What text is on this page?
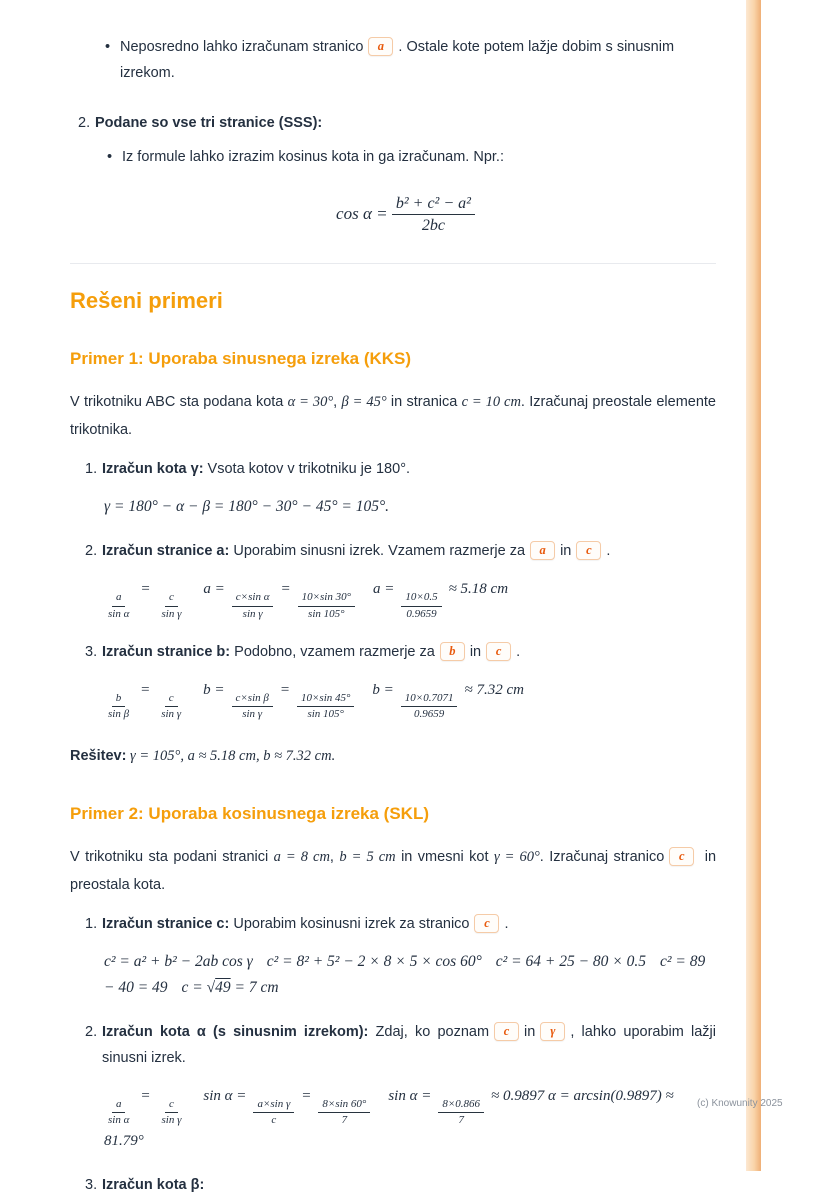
• Neposredno lahko izračunam stranico a . Ostale kote potem lažje dobim s sinusnim izrekom.
2. Podane so vse tri stranice (SSS):
• Iz formule lahko izrazim kosinus kota in ga izračunam. Npr.:
$\cos \alpha = \frac{\text{b² + c² − a²}}{2bc}$
Rešeni primeri
Primer 1: Uporaba sinusnega izreka (KKS)

V trikotniku ABC sta podana kota α = 30°, β = 45° in stranica c = 10 cm. Izračunaj preostale elemente trikotnika.

1. Izračun kota γ: Vsota kotov v trikotniku je 180°.

γ = 180° − α − β = 180° − 30° − 45° = 105°.
2. Izračun stranice a: Uporabim sinusni izrek. Vzamem razmerje za a in c .

$\frac{a}{\text{sin α}}$
=
$\frac{c}{\text{sin γ}}$
a =
$\frac{\text{c×sin α}}{\text{sin γ}}$
=
$\frac{10\times\sin 30^\circ}{\sin 105^\circ}$
a =
$\frac{10\times 0.5}{0.9659}$
≈ 5.18 cm
3. Izračun stranice b: Podobno, vzamem razmerje za b in c .

$\frac{b}{\text{sin β}}$
=
$\frac{c}{\text{sin γ}}$
b =
$\frac{\text{c×sin β}}{\text{sin γ}}$
=
$\frac{10\times\sin 45^\circ}{\sin 105^\circ}$
b =
$\frac{10\times 0.7071}{0.9659}$
≈ 7.32 cm

Rešitev: γ = 105°, a ≈ 5.18 cm, b ≈ 7.32 cm.

Primer 2: Uporaba kosinusnega izreka (SKL)

V trikotniku sta podani stranici a = 8 cm, b = 5 cm in vmesni kot γ = 60°. Izračunaj stranico c in preostala kota.

1. Izračun stranice c: Uporabim kosinusni izrek za stranico c .

c² = a² + b² − 2ab cos γ c² = 8² + 5² − 2 × 8 × 5 × cos 60° c² = 64 + 25 − 80 × 0.5 c² = 89 − 40 = 49 c = √49 = 7 cm
2. Izračun kota α (s sinusnim izrekom): Zdaj, ko poznam c in γ , lahko uporabim lažji sinusni izrek.

$\frac{a}{\text{sin α}}$
=
$\frac{c}{\text{sin γ}}$
sin α =
$\frac{\text{a×sin γ}}{c}$
=
$\frac{8\times\sin 60^\circ}{7}$
sin α =
$\frac{8\times 0.866}{7}$
≈ 0.9897 α = arcsin(0.9897) ≈ 81.79°
3. Izračun kota β:

(c) Knowunity 2025
